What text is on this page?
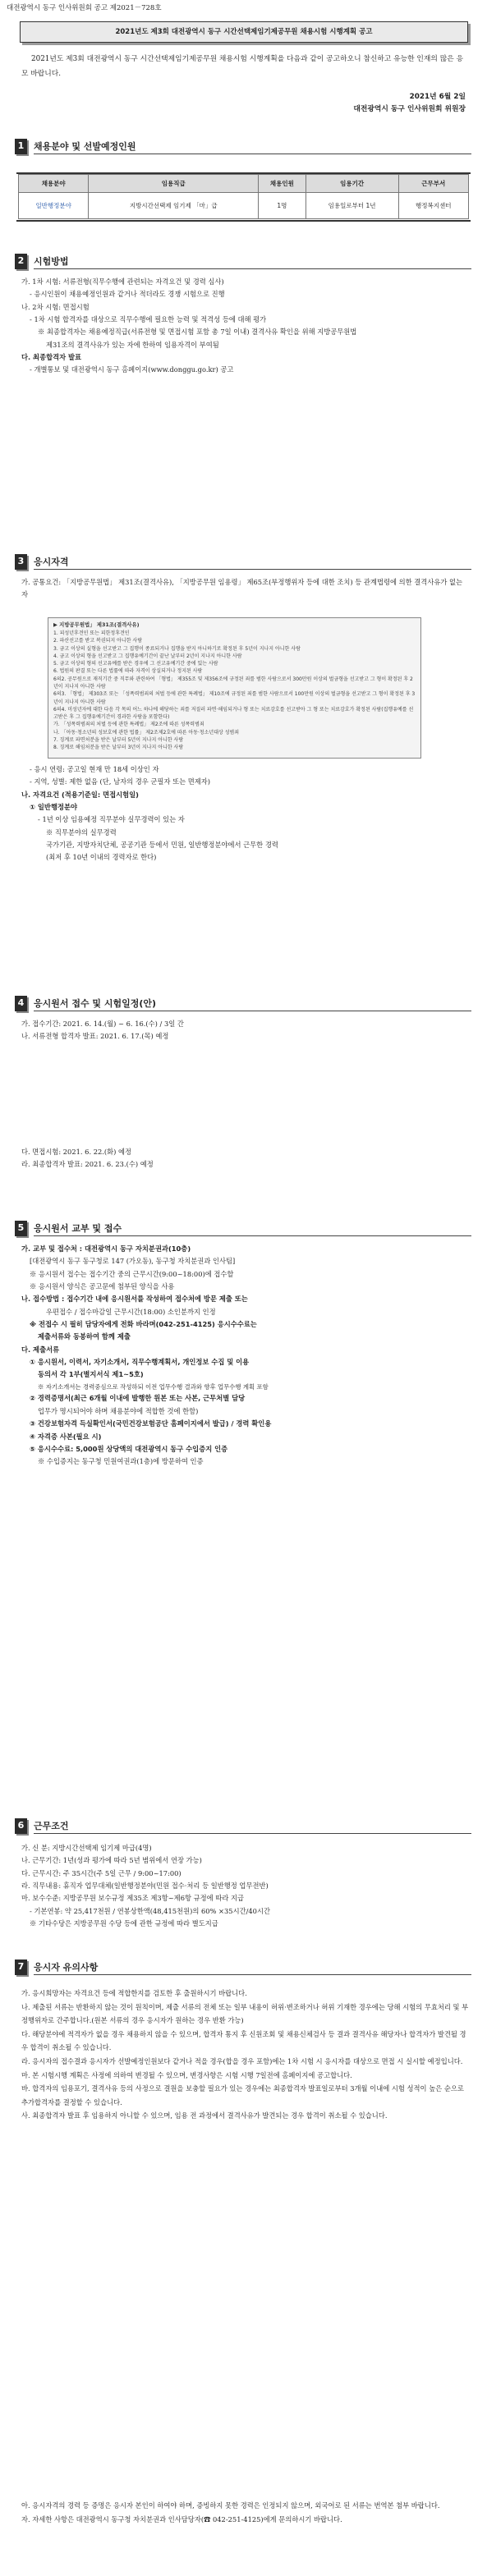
대전광역시 동구 인사위원회 공고 제2021－728호
2021년도 제3회 대전광역시 동구 시간선택제임기제공무원 채용시험 시행계획 공고
2021년도 제3회 대전광역시 동구 시간선택제임기제공무원 채용시험 시행계획을 다음과 같이 공고하오니 참신하고 유능한 인재의 많은 응모 바랍니다.
2021년 6월 2일
대전광역시 동구 인사위원회 위원장
1	채용분야 및 선발예정인원
채용분야	임용직급	채용인원	임용기간	근무부서
일반행정분야	지방시간선택제 임기제 「마」급	1명	임용일로부터 1년	행정복지센터
2	시험방법

가. 1차 시험: 서류전형(직무수행에 관련되는 자격요건 및 경력 심사)

- 응시인원이 채용예정인원과 같거나 적더라도 경쟁 시험으로 진행

나. 2차 시험: 면접시험

- 1차 시험 합격자를 대상으로 직무수행에 필요한 능력 및 적격성 등에 대해 평가

※ 최종합격자는 채용예정직급(서류전형 및 면접시험 포함 총 7일 이내) 결격사유 확인을 위해 지방공무원법

제31조의 결격사유가 있는 자에 한하여 임용자격이 부여됨

다. 최종합격자 발표

- 개별통보 및 대전광역시 동구 홈페이지(www.donggu.go.kr) 공고

3	응시자격

가. 공통요건: 「지방공무원법」 제31조(결격사유), 「지방공무원 임용령」 제65조(부정행위자 등에 대한 조치) 등 관계법령에 의한 결격사유가 없는 자

▶ 지방공무원법」 제31조(결격사유)
1. 피성년후견인 또는 피한정후견인
2. 파산선고를 받고 복권되지 아니한 사람
3. 금고 이상의 실형을 선고받고 그 집행이 종료되거나 집행을 받지 아니하기로 확정된 후 5년이 지나지 아니한 사람
4. 금고 이상의 형을 선고받고 그 집행유예기간이 끝난 날부터 2년이 지나지 아니한 사람
5. 금고 이상의 형의 선고유예를 받은 경우에 그 선고유예기간 중에 있는 사람
6. 법원의 판결 또는 다른 법률에 따라 자격이 상실되거나 정지된 사람
6의2. 공무원으로 재직기간 중 직무와 관련하여 「형법」 제355조 및 제356조에 규정된 죄를 범한 사람으로서 300만원 이상의 벌금형을 선고받고 그 형이 확정된 후 2년이 지나지 아니한 사람
6의3. 「형법」 제303조 또는 「성폭력범죄의 처벌 등에 관한 특례법」 제10조에 규정된 죄를 범한 사람으로서 100만원 이상의 벌금형을 선고받고 그 형이 확정된 후 3년이 지나지 아니한 사람
6의4. 미성년자에 대한 다음 각 목의 어느 하나에 해당하는 죄를 저질러 파면·해임되거나 형 또는 치료감호를 선고받아 그 형 또는 치료감호가 확정된 사람(집행유예를 선고받은 후 그 집행유예기간이 경과한 사람을 포함한다)
가. 「성폭력범죄의 처벌 등에 관한 특례법」 제2조에 따른 성폭력범죄
나. 「아동·청소년의 성보호에 관한 법률」 제2조제2호에 따른 아동·청소년대상 성범죄
7. 징계로 파면처분을 받은 날부터 5년이 지나지 아니한 사람
8. 징계로 해임처분을 받은 날부터 3년이 지나지 아니한 사람

- 응시 연령: 공고일 현재 만 18세 이상인 자

- 지역, 성별: 제한 없음 (단, 남자의 경우 군필자 또는 면제자)

나. 자격요건 (적용기준일: 면접시험일)

① 일반행정분야

- 1년 이상 임용예정 직무분야 실무경력이 있는 자

※ 직무분야의 실무경력

국가기관, 지방자치단체, 공공기관 등에서 민원, 일반행정분야에서 근무한 경력

(최저 후 10년 이내의 경력자로 한다)

4	응시원서 접수 및 시험일정(안)

가. 접수기간: 2021. 6. 14.(월) ~ 6. 16.(수) / 3일 간

나. 서류전형 합격자 발표: 2021. 6. 17.(목) 예정

다. 면접시험: 2021. 6. 22.(화) 예정

라. 최종합격자 발표: 2021. 6. 23.(수) 예정

5	응시원서 교부 및 접수

가. 교부 및 접수처 : 대전광역시 동구 자치분권과(10층)

[대전광역시 동구 동구청로 147 (가오동), 동구청 자치분권과 인사팀]

※ 응시원서 접수는 접수기간 중의 근무시간(9:00~18:00)에 접수할

※ 응시원서 양식은 공고문에 첨부된 양식을 사용

나. 접수방법 : 접수기간 내에 응시원서를 작성하여 접수처에 방문 제출 또는

우편접수 / 접수마감일 근무시간(18:00) 소인분까지 인정

※ 전접수 시 필히 담당자에게 전화 바라며(042-251-4125) 응시수수료는

제출서류와 동봉하여 함께 제출

다. 제출서류

① 응시원서, 이력서, 자기소개서, 직무수행계획서, 개인정보 수집 및 이용

동의서 각 1부(별지서식 제1~5호)

※ 자기소개서는 경력중심으로 작성하되 이전 업무수행 결과와 향후 업무수행 계획 포함

② 경력증명서(최근 6개월 이내에 발행한 원본 또는 사본, 근무처별 담당

업무가 명시되어야 하며 채용분야에 적합한 것에 한함)

③ 건강보험자격 득실확인서(국민건강보험공단 홈페이지에서 발급) / 경력 확인용

④ 자격증 사본(필요 시)

⑤ 응시수수료: 5,000원 상당액의 대전광역시 동구 수입증지 인증

※ 수입증지는 동구청 민원여권과(1층)에 방문하여 인증

6	근무조건

가. 신 분: 지방시간선택제 임기제 마급(4명)

나. 근무기간: 1년(성과 평가에 따라 5년 범위에서 연장 가능)

다. 근무시간: 주 35시간(주 5일 근무 / 9:00~17:00)

라. 직무내용: 휴직자 업무대체(일반행정분야(민원 접수·처리 등 일반행정 업무전반)

마. 보수수준: 지방공무원 보수규정 제35조 제3항~제6항 규정에 따라 지급

- 기본연봉: 약 25,417천원 / 연봉상한액(48,415천원)의 60% ×35시간/40시간

※ 기타수당은 지방공무원 수당 등에 관한 규정에 따라 별도지급

7	응시자 유의사항

가. 응시희망자는 자격요건 등에 적합한지를 검토한 후 출원하시기 바랍니다.

나. 제출된 서류는 반환하지 않는 것이 원칙이며, 제출 서류의 전체 또는 일부 내용이 허위·변조하거나 허위 기재한 경우에는 당해 시험의 무효처리 및 부정행위자로 간주합니다.(원본 서류의 경우 응시자가 원하는 경우 반환 가능)

다. 해당분야에 적격자가 없을 경우 채용하지 않을 수 있으며, 합격자 통지 후 신원조회 및 채용신체검사 등 결과 결격사유 해당자나 합격자가 발견될 경우 합격이 취소될 수 있습니다.

라. 응시자의 접수결과 응시자가 선발예정인원보다 같거나 적을 경우(합을 경우 포함)에는 1차 시험 시 응시자를 대상으로 면접 시 실시할 예정입니다.

마. 본 시험시행 계획은 사정에 의하여 변경될 수 있으며, 변경사항은 시험 시행 7일전에 홈페이지에 공고합니다.

바. 합격자의 임용포기, 결격사유 등의 사정으로 결원을 보충할 필요가 있는 경우에는 최종합격자 발표일로부터 3개월 이내에 시험 성적이 높은 순으로 추가합격자를 결정할 수 있습니다.

사. 최종합격자 발표 후 임용하지 아니할 수 있으며, 임용 전 과정에서 결격사유가 발견되는 경우 합격이 취소될 수 있습니다.

아. 응시자격의 경력 등 증명은 응시자 본인이 하여야 하며, 증빙하지 못한 경력은 인정되지 않으며, 외국어로 된 서류는 번역본 첨부 바랍니다.

자. 자세한 사항은 대전광역시 동구청 자치분권과 인사담당자(☎ 042-251-4125)에게 문의하시기 바랍니다.
